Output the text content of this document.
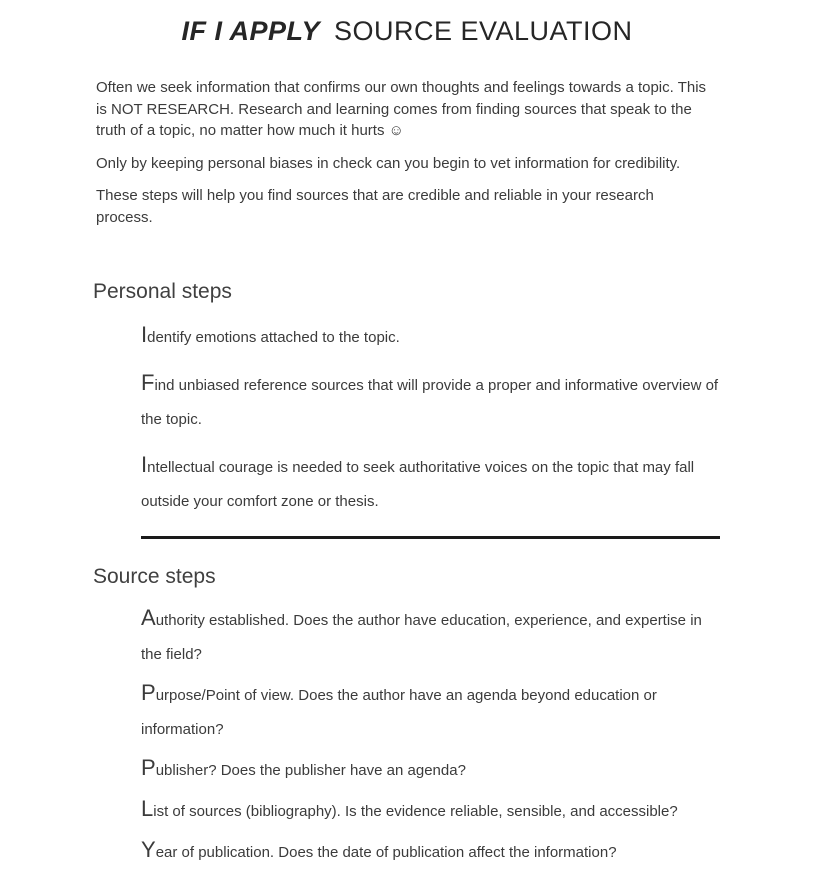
IF I APPLY SOURCE EVALUATION

Often we seek information that confirms our own thoughts and feelings towards a topic. This is NOT RESEARCH. Research and learning comes from finding sources that speak to the truth of a topic, no matter how much it hurts ☺

Only by keeping personal biases in check can you begin to vet information for credibility.

These steps will help you find sources that are credible and reliable in your research process.

Personal steps

Identify emotions attached to the topic.

Find unbiased reference sources that will provide a proper and informative overview of the topic.

Intellectual courage is needed to seek authoritative voices on the topic that may fall outside your comfort zone or thesis.

Source steps

Authority established. Does the author have education, experience, and expertise in the field?

Purpose/Point of view. Does the author have an agenda beyond education or information?

Publisher? Does the publisher have an agenda?

List of sources (bibliography). Is the evidence reliable, sensible, and accessible?

Year of publication. Does the date of publication affect the information?
